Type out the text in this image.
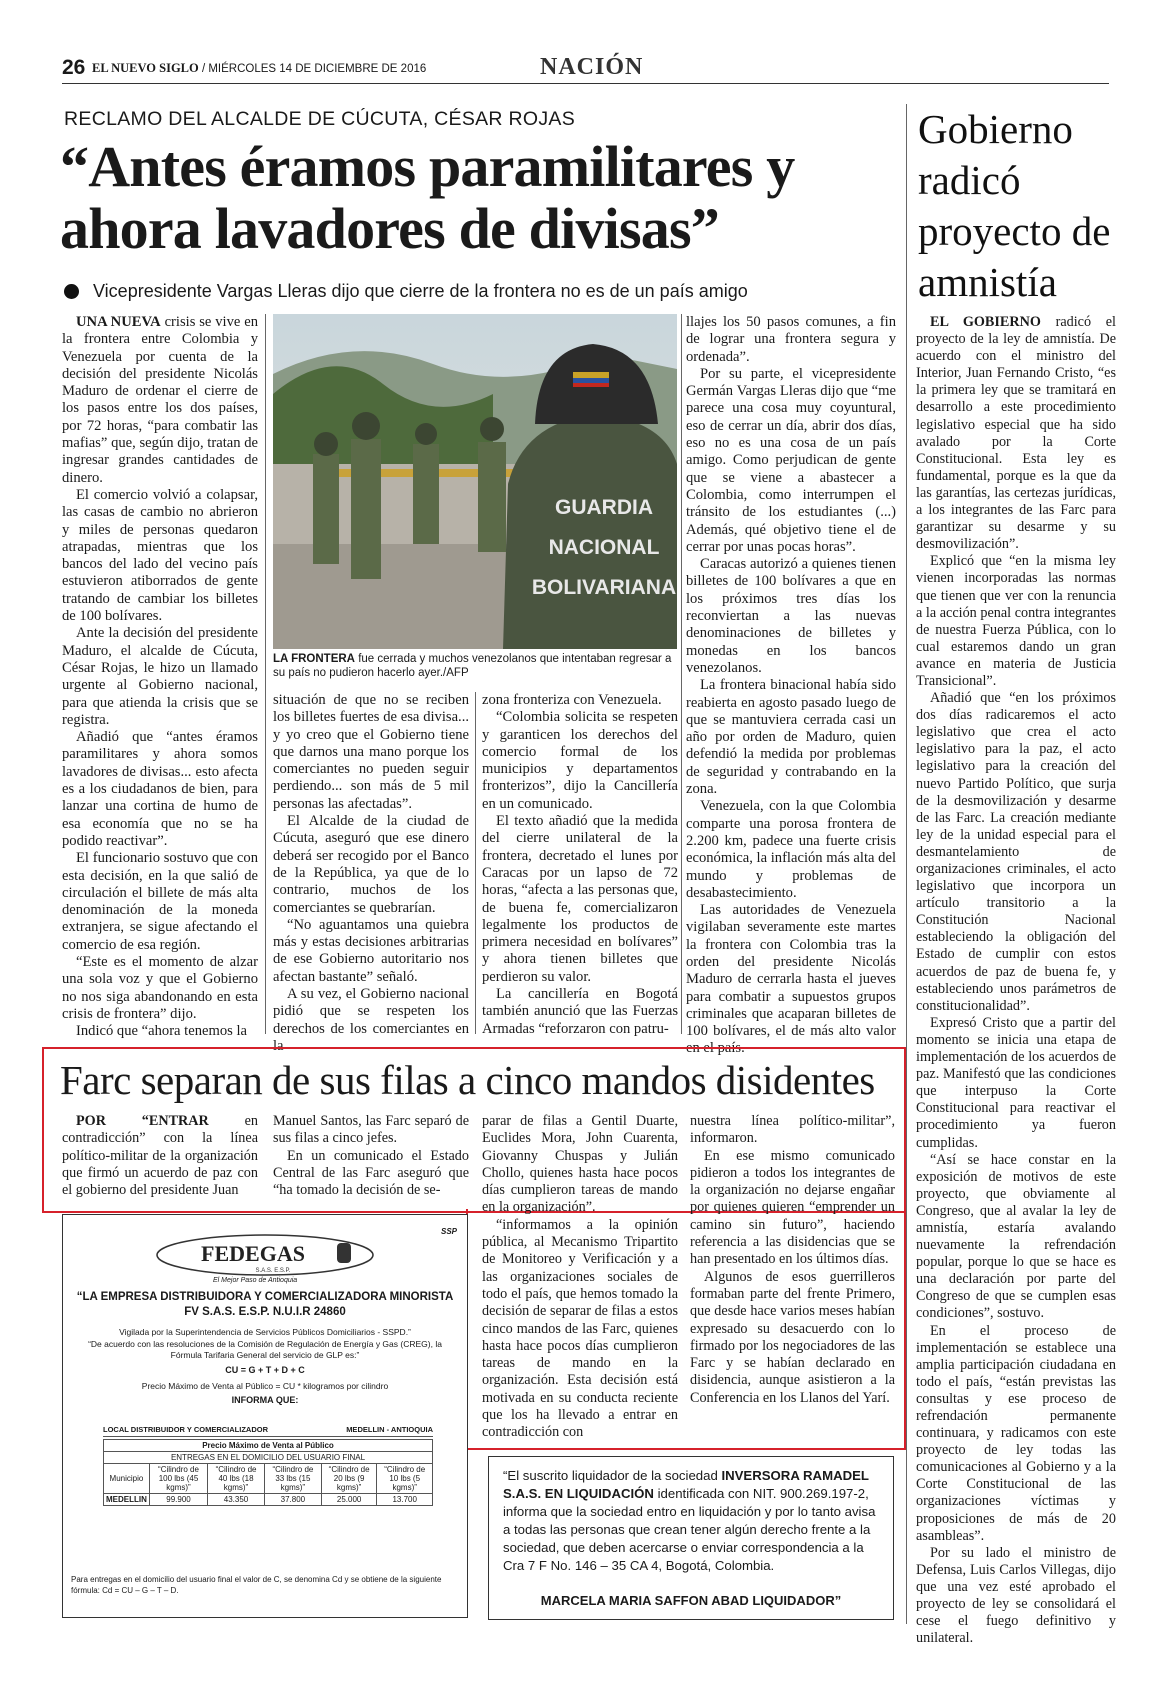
26 EL NUEVO SIGLO / MIÉRCOLES 14 DE DICIEMBRE DE 2016	NACIÓN
RECLAMO DEL ALCALDE DE CÚCUTA, CÉSAR ROJAS
“Antes éramos paramilitares y ahora lavadores de divisas”
Vicepresidente Vargas Lleras dijo que cierre de la frontera no es de un país amigo

UNA NUEVA crisis se vive en la frontera entre Colombia y Venezuela por cuenta de la decisión del presidente Nicolás Maduro de ordenar el cierre de los pasos entre los dos países, por 72 horas, “para combatir las mafias” que, según dijo, tratan de ingresar grandes cantidades de dinero.

El comercio volvió a colapsar, las casas de cambio no abrieron y miles de personas quedaron atrapadas, mientras que los bancos del lado del vecino país estuvieron atiborrados de gente tratando de cambiar los billetes de 100 bolívares.

Ante la decisión del presidente Maduro, el alcalde de Cúcuta, César Rojas, le hizo un llamado urgente al Gobierno nacional, para que atienda la crisis que se registra.

Añadió que “antes éramos paramilitares y ahora somos lavadores de divisas... esto afecta es a los ciudadanos de bien, para lanzar una cortina de humo de esa economía que no se ha podido reactivar”.

El funcionario sostuvo que con esta decisión, en la que salió de circulación el billete de más alta denominación de la moneda extranjera, se sigue afectando el comercio de esa región.

“Este es el momento de alzar una sola voz y que el Gobierno no nos siga abandonando en esta crisis de frontera” dijo.

Indicó que “ahora tenemos la

GUARDIA
NACIONAL
BOLIVARIANA
LA FRONTERA fue cerrada y muchos venezolanos que intentaban regresar a su país no pudieron hacerlo ayer./AFP

llajes los 50 pasos comunes, a fin de lograr una frontera segura y ordenada”.

Por su parte, el vicepresidente Germán Vargas Lleras dijo que “me parece una cosa muy coyuntural, eso de cerrar un día, abrir dos días, eso no es una cosa de un país amigo. Como perjudican de gente que se viene a abastecer a Colombia, como interrumpen el tránsito de los estudiantes (...) Además, qué objetivo tiene el de cerrar por unas pocas horas”.

Caracas autorizó a quienes tienen billetes de 100 bolívares a que en los próximos tres días los reconviertan a las nuevas denominaciones de billetes y monedas en los bancos venezolanos.

La frontera binacional había sido reabierta en agosto pasado luego de que se mantuviera cerrada casi un año por orden de Maduro, quien defendió la medida por problemas de seguridad y contrabando en la zona.

Venezuela, con la que Colombia comparte una porosa frontera de 2.200 km, padece una fuerte crisis económica, la inflación más alta del mundo y problemas de desabastecimiento.

Las autoridades de Venezuela vigilaban severamente este martes la frontera con Colombia tras la orden del presidente Nicolás Maduro de cerrarla hasta el jueves para combatir a supuestos grupos criminales que acaparan billetes de 100 bolívares, el de más alto valor en el país.

situación de que no se reciben los billetes fuertes de esa divisa... y yo creo que el Gobierno tiene que darnos una mano porque los comerciantes no pueden seguir perdiendo... son más de 5 mil personas las afectadas”.

El Alcalde de la ciudad de Cúcuta, aseguró que ese dinero deberá ser recogido por el Banco de la República, ya que de lo contrario, muchos de los comerciantes se quebrarían.

“No aguantamos una quiebra más y estas decisiones arbitrarias de ese Gobierno autoritario nos afectan bastante” señaló.

A su vez, el Gobierno nacional pidió que se respeten los derechos de los comerciantes en la

zona fronteriza con Venezuela.

“Colombia solicita se respeten y garanticen los derechos del comercio formal de los municipios y departamentos fronterizos”, dijo la Cancillería en un comunicado.

El texto añadió que la medida del cierre unilateral de la frontera, decretado el lunes por Caracas por un lapso de 72 horas, “afecta a las personas que, de buena fe, comercializaron legalmente los productos de primera necesidad en bolívares” y ahora tienen billetes que perdieron su valor.

La cancillería en Bogotá también anunció que las Fuerzas Armadas “reforzaron con patru-

Gobierno radicó proyecto de amnistía

EL GOBIERNO radicó el proyecto de la ley de amnistía. De acuerdo con el ministro del Interior, Juan Fernando Cristo, “es la primera ley que se tramitará en desarrollo a este procedimiento legislativo especial que ha sido avalado por la Corte Constitucional. Esta ley es fundamental, porque es la que da las garantías, las certezas jurídicas, a los integrantes de las Farc para garantizar su desarme y su desmovilización”.

Explicó que “en la misma ley vienen incorporadas las normas que tienen que ver con la renuncia a la acción penal contra integrantes de nuestra Fuerza Pública, con lo cual estaremos dando un gran avance en materia de Justicia Transicional”.

Añadió que “en los próximos dos días radicaremos el acto legislativo que crea el acto legislativo para la paz, el acto legislativo para la creación del nuevo Partido Político, que surja de la desmovilización y desarme de las Farc. La creación mediante ley de la unidad especial para el desmantelamiento de organizaciones criminales, el acto legislativo que incorpora un artículo transitorio a la Constitución Nacional estableciendo la obligación del Estado de cumplir con estos acuerdos de paz de buena fe, y estableciendo unos parámetros de constitucionalidad”.

Expresó Cristo que a partir del momento se inicia una etapa de implementación de los acuerdos de paz. Manifestó que las condiciones que interpuso la Corte Constitucional para reactivar el procedimiento ya fueron cumplidas.

“Así se hace constar en la exposición de motivos de este proyecto, que obviamente al Congreso, que al avalar la ley de amnistía, estaría avalando nuevamente la refrendación popular, porque lo que se hace es una declaración por parte del Congreso de que se cumplen esas condiciones”, sostuvo.

En el proceso de implementación se establece una amplia participación ciudadana en todo el país, “están previstas las consultas y ese proceso de refrendación permanente continuara, y radicamos con este proyecto de ley todas las comunicaciones al Gobierno y a la Corte Constitucional de las organizaciones víctimas y proposiciones de más de 20 asambleas”.

Por su lado el ministro de Defensa, Luis Carlos Villegas, dijo que una vez esté aprobado el proyecto de ley se consolidará el cese el fuego definitivo y unilateral.

Farc separan de sus filas a cinco mandos disidentes

POR “ENTRAR	en contradicción” con la línea político-militar de la organización que firmó un acuerdo de paz con el gobierno del presidente Juan

Manuel Santos, las Farc separó de sus filas a cinco jefes.

En un comunicado el Estado Central de las Farc aseguró que “ha tomado la decisión de se-

parar de filas a Gentil Duarte, Euclides Mora, John Cuarenta, Giovanny Chuspas y Julián Chollo, quienes hasta hace pocos días cumplieron tareas de mando en la organización”.

“informamos a la opinión pública, al Mecanismo Tripartito de Monitoreo y Verificación y a las organizaciones sociales de todo el país, que hemos tomado la decisión de separar de filas a estos cinco mandos de las Farc, quienes hasta hace pocos días cumplieron tareas de mando en la organización. Esta decisión está motivada en su conducta reciente que los ha llevado a entrar en contradicción con

nuestra línea político-militar”, informaron.

En ese mismo comunicado pidieron a todos los integrantes de la organización no dejarse engañar por quienes quieren “emprender un camino sin futuro”, haciendo referencia a las disidencias que se han presentado en los últimos días.

Algunos de esos guerrilleros formaban parte del frente Primero, que desde hace varios meses habían expresado su desacuerdo con lo firmado por los negociadores de las Farc y se habían declarado en disidencia, aunque asistieron a la Conferencia en los Llanos del Yarí.

FEDEGAS
S.A.S. E.S.P.
El Mejor Paso de Antioquia
SSP
“LA EMPRESA DISTRIBUIDORA Y COMERCIALIZADORA MINORISTA
FV S.A.S. E.S.P. N.U.I.R 24860
Vigilada por la Superintendencia de Servicios Públicos Domiciliarios - SSPD.”
“De acuerdo con las resoluciones de la Comisión de Regulación de Energía y Gas (CREG), la Fórmula Tarifaria General del servicio de GLP es:”
CU = G + T + D + C
Precio Máximo de Venta al Público = CU * kilogramos por cilindro
INFORMA QUE:
LOCAL DISTRIBUIDOR Y COMERCIALIZADOR	MEDELLIN - ANTIOQUIA
Precio Máximo de Venta al Público					
ENTREGAS EN EL DOMICILIO DEL USUARIO FINAL					
Municipio	“Cilindro de 100 lbs (45 kgms)”	“Cilindro de 40 lbs (18 kgms)”	“Cilindro de 33 lbs (15 kgms)”	“Cilindro de 20 lbs (9 kgms)”	“Cilindro de 10 lbs (5 kgms)”
MEDELLIN	99.900	43.350	37.800	25.000	13.700
Para entregas en el domicilio del usuario final el valor de C, se denomina Cd y se obtiene de la siguiente fórmula: Cd = CU – G – T – D.
“El suscrito liquidador de la sociedad INVERSORA RAMADEL S.A.S. EN LIQUIDACIÓN identificada con NIT. 900.269.197-2, informa que la sociedad entro en liquidación y por lo tanto avisa a todas las personas que crean tener algún derecho frente a la sociedad, que deben acercarse o enviar correspondencia a la Cra 7 F No. 146 – 35 CA 4, Bogotá, Colombia.
MARCELA MARIA SAFFON ABAD LIQUIDADOR”
